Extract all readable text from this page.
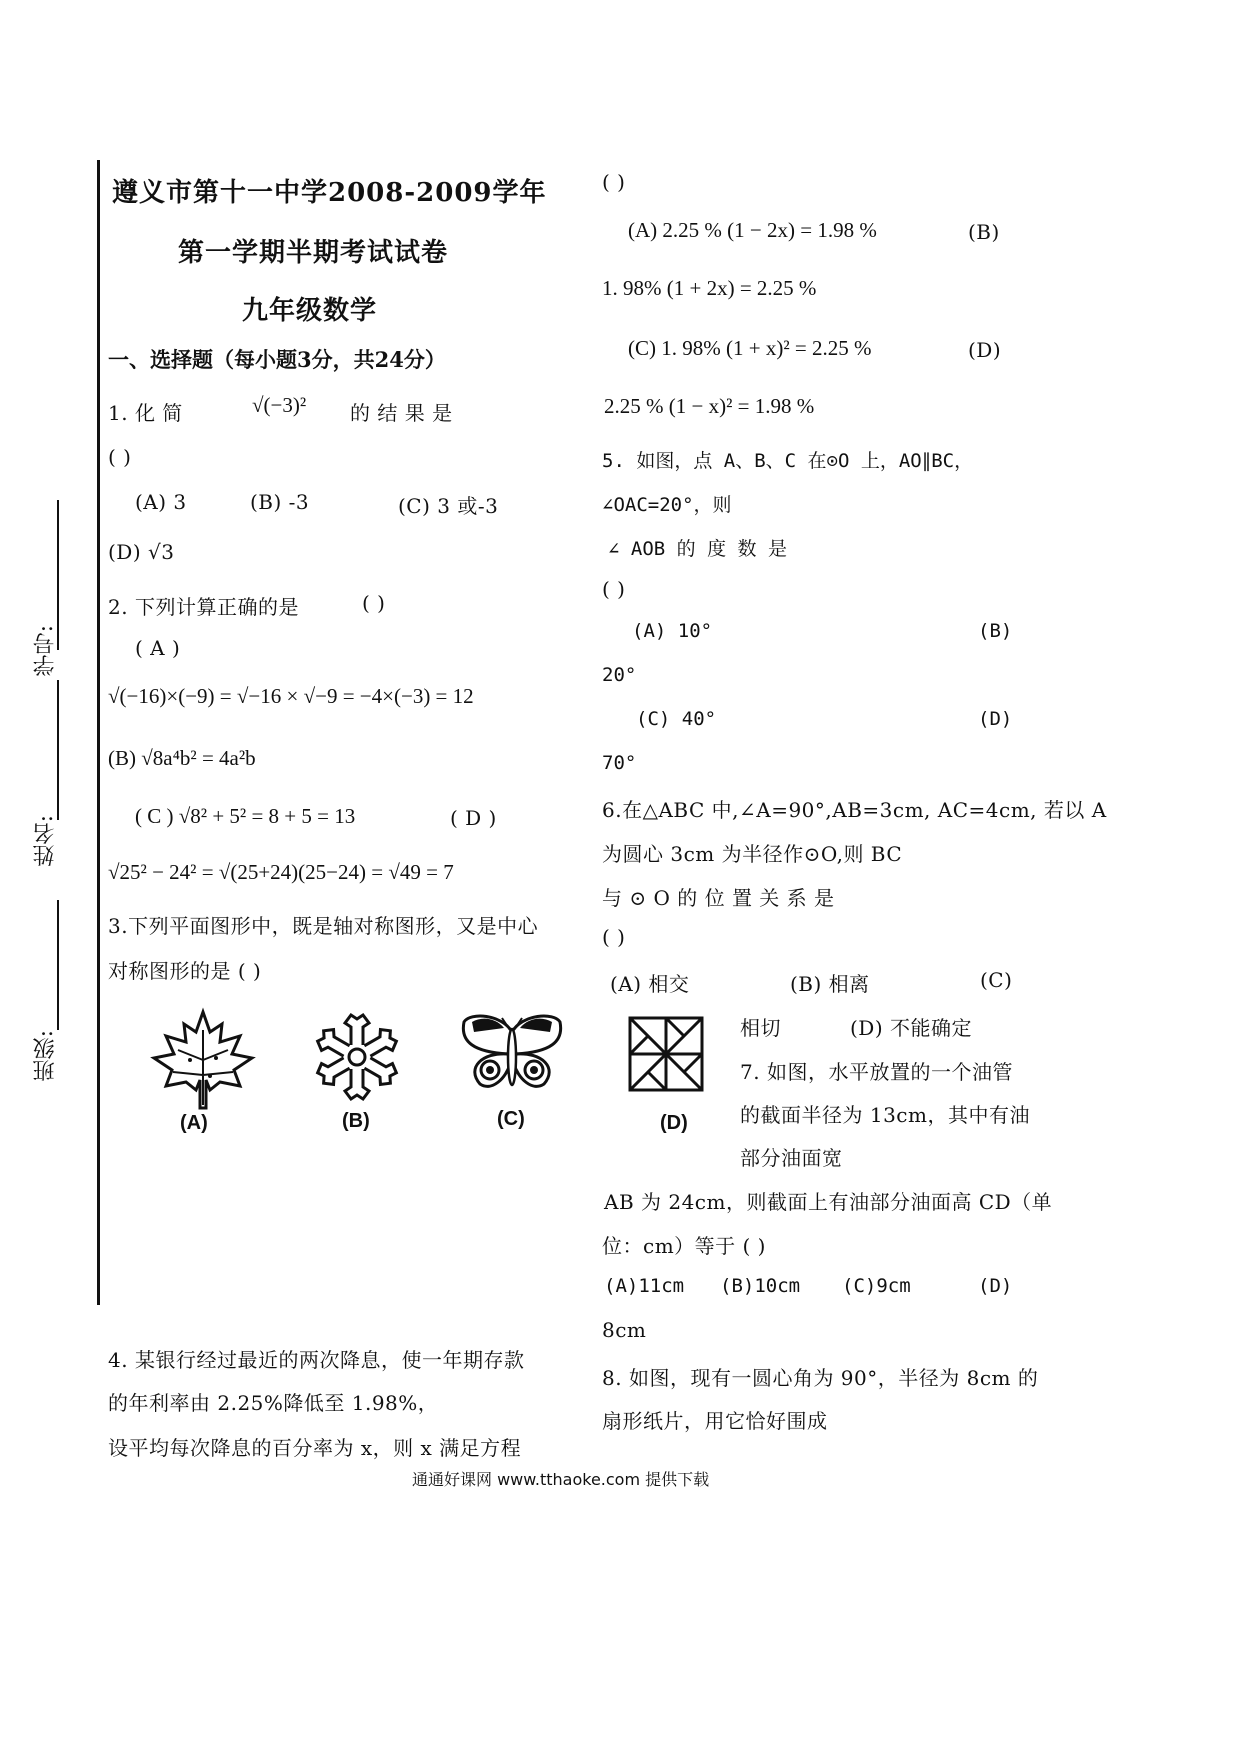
学号:
姓名:
班级:
遵义市第十一中学2008-2009学年
第一学期半期考试试卷
九年级数学
一、选择题（每小题3分，共24分）
1. 化 简	√(−3)² 的 结 果 是
( )
(A) 3	(B) -3	(C) 3 或-3
(D) √3
2. 下列计算正确的是	( )
( A )
√(−16)×(−9) = √−16 × √−9 = −4×(−3) = 12
(B) √8a⁴b² = 4a²b
( C ) √8² + 5² = 8 + 5 = 13	( D )
√25² − 24² = √(25+24)(25−24) = √49 = 7
3.下列平面图形中，既是轴对称图形，又是中心
对称图形的是 ( )
(A)	(B)	(C)	(D)
4. 某银行经过最近的两次降息，使一年期存款
的年利率由 2.25%降低至 1.98%，
设平均每次降息的百分率为 x，则 x 满足方程
( )
(A) 2.25 % (1 − 2x) = 1.98 %	(B)
1. 98% (1 + 2x) = 2.25 %
(C) 1. 98% (1 + x)² = 2.25 %	(D)
2.25 % (1 − x)² = 1.98 %
5. 如图，点 A、B、C 在⊙O 上，AO∥BC，
∠OAC=20°，则
∠ AOB 的 度 数 是
( )
(A) 10°	(B)
20°
(C) 40°	(D)
70°
6.在△ABC 中,∠A=90°,AB=3cm, AC=4cm, 若以 A
为圆心 3cm 为半径作⊙O,则 BC
与 ⊙ O 的 位 置 关 系 是
( )
(A) 相交	(B) 相离	(C)
相切	(D) 不能确定
7. 如图，水平放置的一个油管
的截面半径为 13cm，其中有油
部分油面宽
AB 为 24cm，则截面上有油部分油面高 CD（单
位：cm）等于 ( )
(A)11cm (B)10cm (C)9cm	(D)
8cm
8. 如图，现有一圆心角为 90°，半径为 8cm 的
扇形纸片，用它恰好围成
通通好课网 www.tthaoke.com 提供下载
